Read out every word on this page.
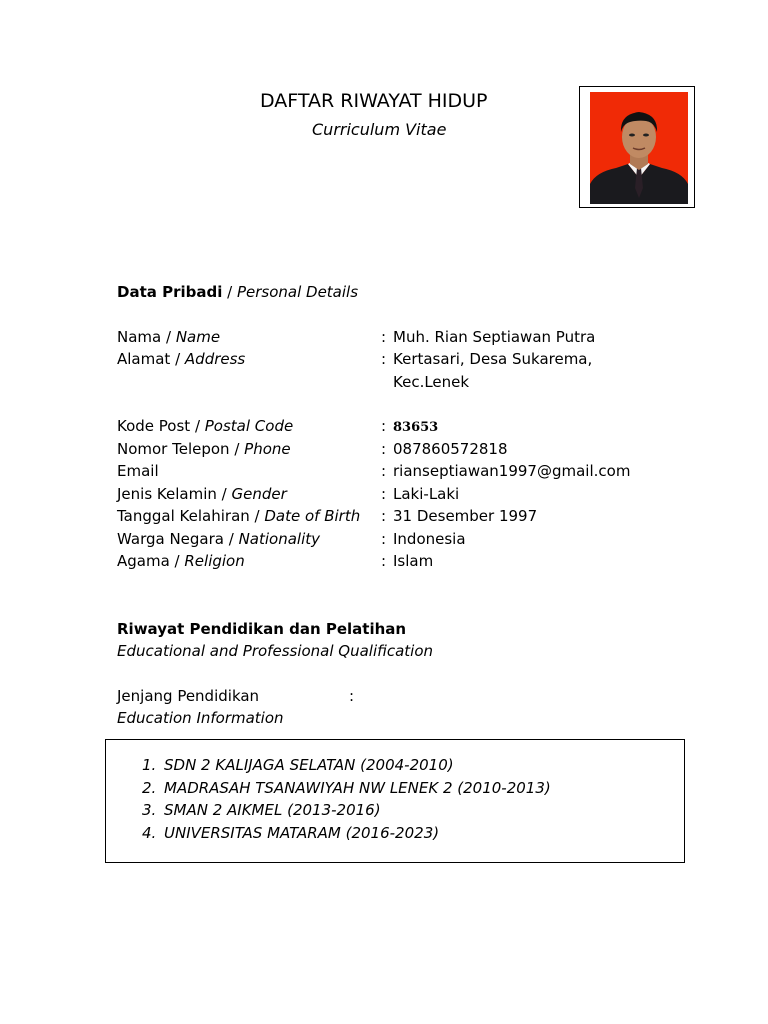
DAFTAR RIWAYAT HIDUP
Curriculum Vitae
Data Pribadi / Personal Details
Nama / Name	: Muh. Rian Septiawan Putra
Alamat / Address	: Kertasari, Desa Sukarema,
Kec.Lenek
Kode Post / Postal Code	: 83653
Nomor Telepon / Phone	: 087860572818
Email	: rianseptiawan1997@gmail.com
Jenis Kelamin / Gender	: Laki-Laki
Tanggal Kelahiran / Date of Birth : 31 Desember 1997
Warga Negara / Nationality	: Indonesia
Agama / Religion	: Islam
Riwayat Pendidikan dan Pelatihan
Educational and Professional Qualification
Jenjang Pendidikan	:
Education Information
1. SDN 2 KALIJAGA SELATAN (2004-2010)
2. MADRASAH TSANAWIYAH NW LENEK 2 (2010-2013)
3. SMAN 2 AIKMEL (2013-2016)
4. UNIVERSITAS MATARAM (2016-2023)
